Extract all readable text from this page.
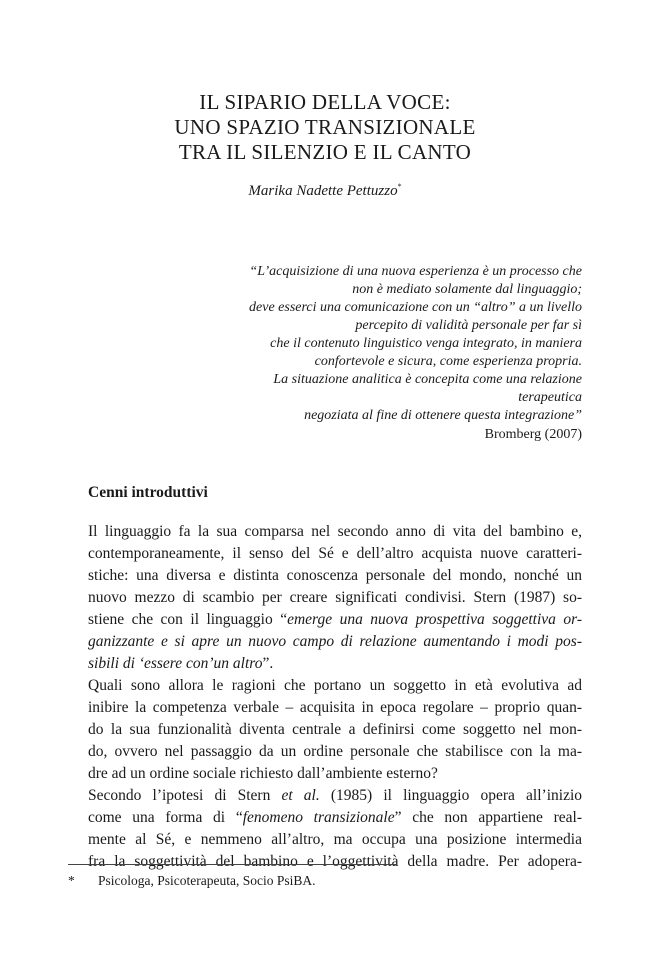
IL SIPARIO DELLA VOCE:
UNO SPAZIO TRANSIZIONALE
TRA IL SILENZIO E IL CANTO
Marika Nadette Pettuzzo*
“L’acquisizione di una nuova esperienza è un processo che
non è mediato solamente dal linguaggio;
deve esserci una comunicazione con un “altro” a un livello
percepito di validità personale per far sì
che il contenuto linguistico venga integrato, in maniera
confortevole e sicura, come esperienza propria.
La situazione analitica è concepita come una relazione
terapeutica
negoziata al fine di ottenere questa integrazione”
Bromberg (2007)
Cenni introduttivi

Il linguaggio fa la sua comparsa nel secondo anno di vita del bambino e,
contemporaneamente, il senso del Sé e dell’altro acquista nuove caratteri-
stiche: una diversa e distinta conoscenza personale del mondo, nonché un
nuovo mezzo di scambio per creare significati condivisi. Stern (1987) so-
stiene che con il linguaggio “emerge una nuova prospettiva soggettiva or-
ganizzante e si apre un nuovo campo di relazione aumentando i modi pos-
sibili di ‘essere con’un altro”.

Quali sono allora le ragioni che portano un soggetto in età evolutiva ad
inibire la competenza verbale – acquisita in epoca regolare – proprio quan-
do la sua funzionalità diventa centrale a definirsi come soggetto nel mon-
do, ovvero nel passaggio da un ordine personale che stabilisce con la ma-
dre ad un ordine sociale richiesto dall’ambiente esterno?

Secondo l’ipotesi di Stern et al. (1985) il linguaggio opera all’inizio
come una forma di “fenomeno transizionale” che non appartiene real-
mente al Sé, e nemmeno all’altro, ma occupa una posizione intermedia
fra la soggettività del bambino e l’oggettività della madre. Per adopera-

* Psicologa, Psicoterapeuta, Socio PsiBA.
